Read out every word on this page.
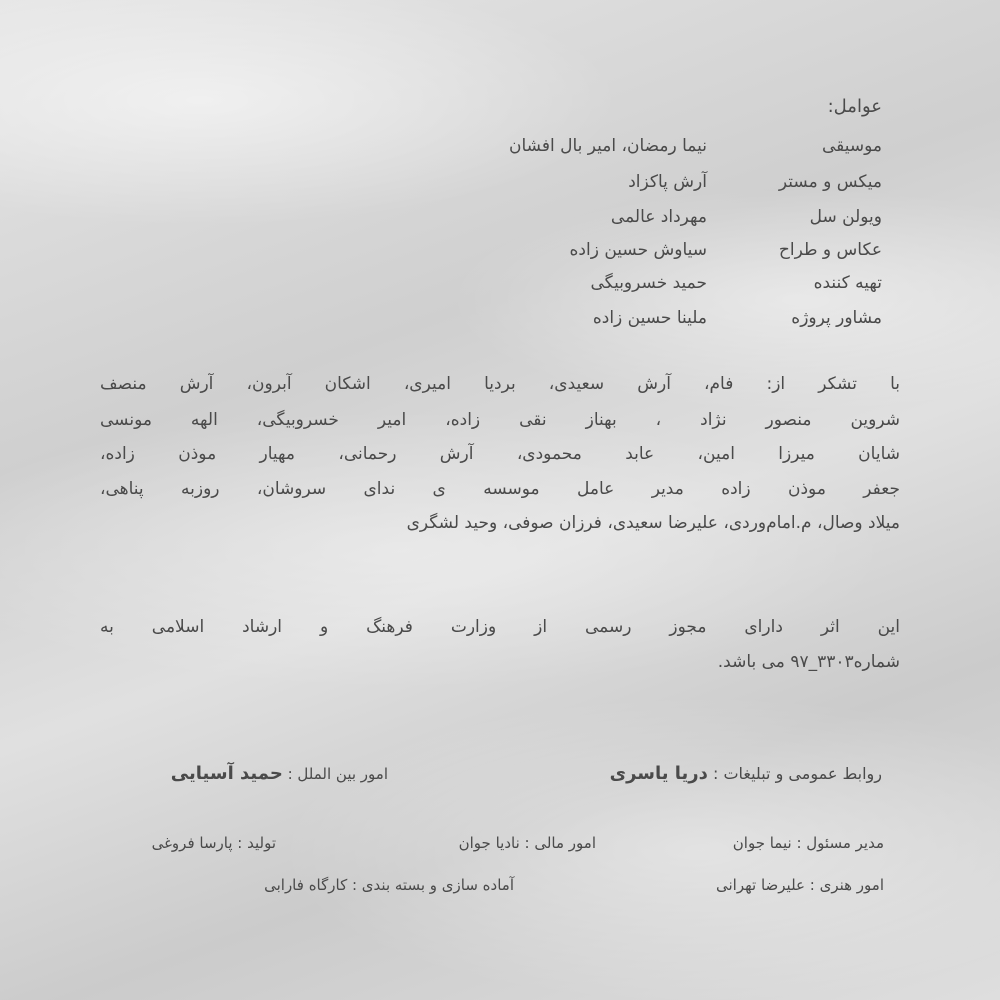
عوامل:
موسیقی
نیما رمضان، امیر بال افشان
میکس و مستر
آرش پاکزاد
ویولن سل
مهرداد عالمی
عکاس و طراح
سیاوش حسین زاده
تهیه کننده
حمید خسروبیگی
مشاور پروژه
ملینا حسین زاده
با تشکر از: فام، آرش سعیدی، بردیا امیری، اشکان آبرون، آرش منصف
شروین منصور نژاد ، بهناز نقی زاده، امیر خسروبیگی، الهه مونسی
شایان میرزا امین، عابد محمودی، آرش رحمانی، مهیار موذن زاده،
جعفر موذن زاده مدیر عامل موسسه ی ندای سروشان، روزبه پناهی،
میلاد وصال، م.امام‌وردی، علیرضا سعیدی، فرزان صوفی، وحید لشگری
این اثر دارای مجوز رسمی از وزارت فرهنگ و ارشاد اسلامی به
شماره۳۳۰۳_۹۷ می باشد.
روابط عمومی و تبلیغات : دریا یاسری
امور بین الملل : حمید آسیایی
مدیر مسئول : نیما جوان
امور مالی : نادیا جوان
تولید : پارسا فروغی
امور هنری : علیرضا تهرانی
آماده سازی و بسته بندی : کارگاه فارابی
